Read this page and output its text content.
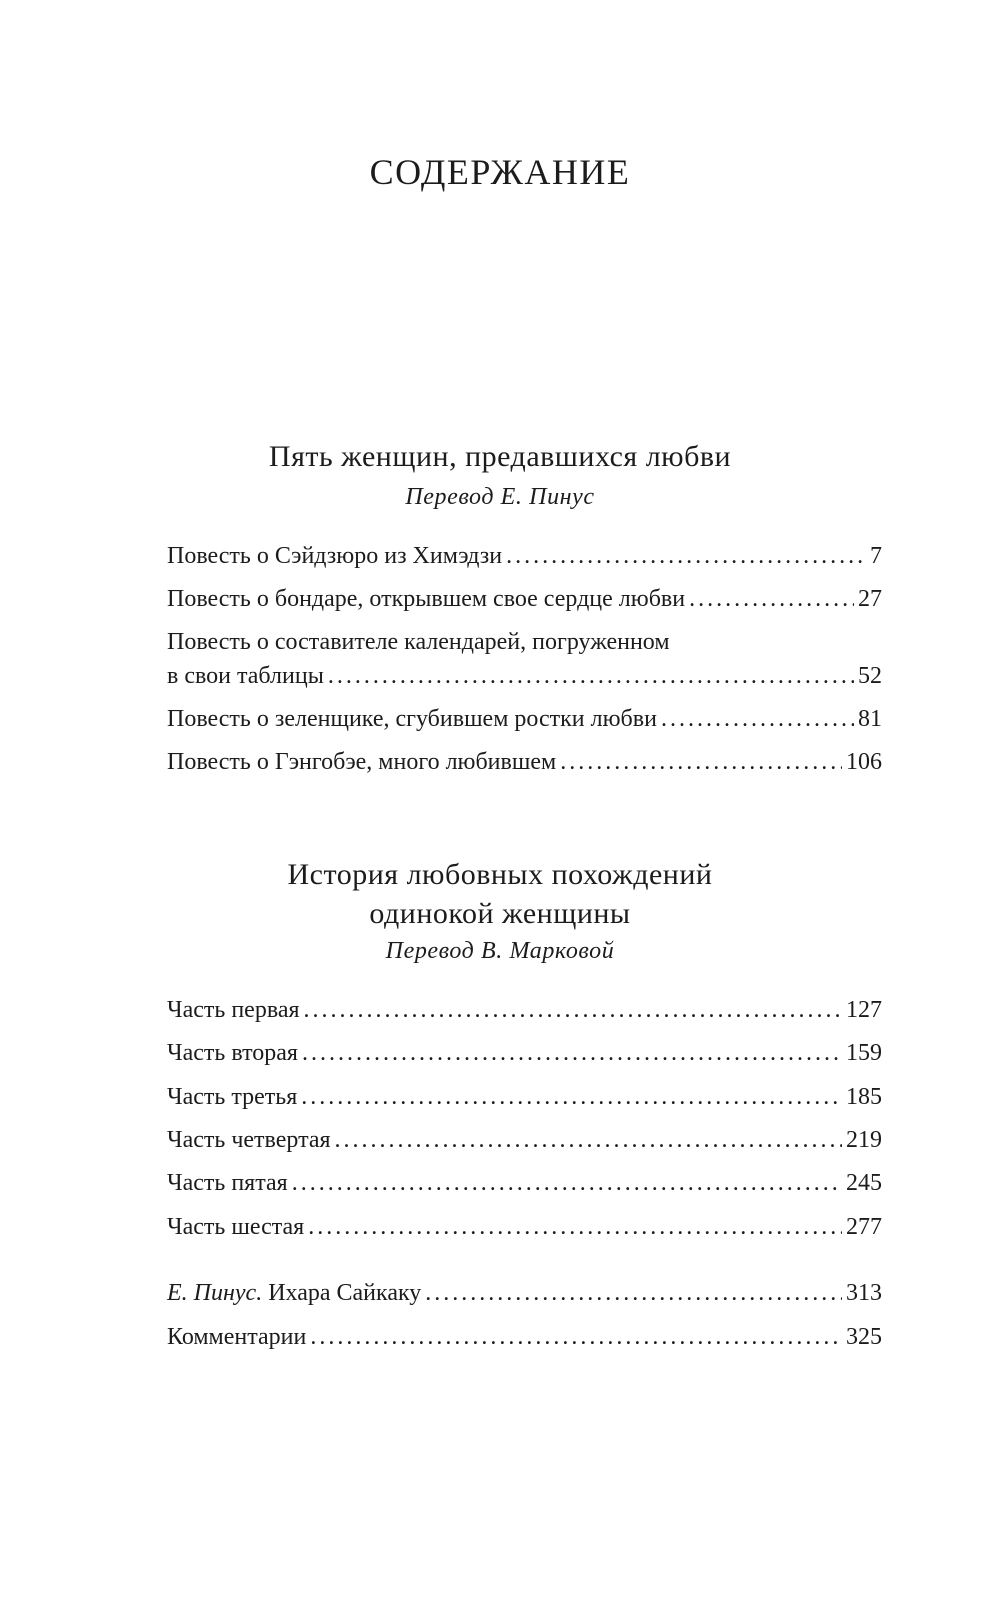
СОДЕРЖАНИЕ
Пять женщин, предавшихся любви
Перевод Е. Пинус
Повесть о Сэйдзюро из Химэдзи .....	7
Повесть о бондаре, открывшем свое сердце любви .....	27
Повесть о составителе календарей, погруженном
в свои таблицы .....	52
Повесть о зеленщике, сгубившем ростки любви .....	81
Повесть о Гэнгобэе, много любившем .....	106
История любовных похождений
одинокой женщины
Перевод В. Марковой
Часть первая .....	127
Часть вторая .....	159
Часть третья .....	185
Часть четвертая .....	219
Часть пятая .....	245
Часть шестая .....	277
Е. Пинус. Ихара Сайкаку .....	313
Комментарии .....	325
